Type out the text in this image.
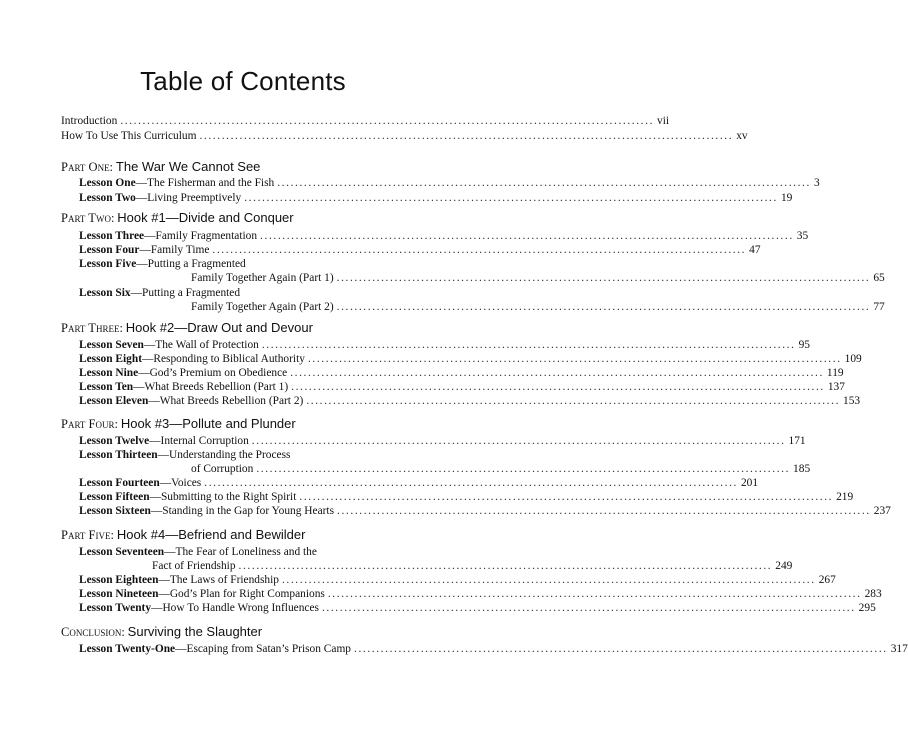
Table of Contents
Introduction ........................................................................................................................ vii
How To Use This Curriculum ........................................................................................................................ xv
Part One: The War We Cannot See
Lesson One —The Fisherman and the Fish ........................................................................................................................ 3
Lesson Two —Living Preemptively ........................................................................................................................ 19
Part Two: Hook #1—Divide and Conquer
Lesson Three —Family Fragmentation ........................................................................................................................ 35
Lesson Four —Family Time ........................................................................................................................ 47
Lesson Five —Putting a Fragmented
Family Together Again (Part 1) ........................................................................................................................ 65
Lesson Six —Putting a Fragmented
Family Together Again (Part 2) ........................................................................................................................ 77
Part Three: Hook #2—Draw Out and Devour
Lesson Seven —The Wall of Protection ........................................................................................................................ 95
Lesson Eight —Responding to Biblical Authority ........................................................................................................................ 109
Lesson Nine —God’s Premium on Obedience ........................................................................................................................ 119
Lesson Ten —What Breeds Rebellion (Part 1) ........................................................................................................................ 137
Lesson Eleven —What Breeds Rebellion (Part 2) ........................................................................................................................ 153
Part Four: Hook #3—Pollute and Plunder
Lesson Twelve —Internal Corruption ........................................................................................................................ 171
Lesson Thirteen —Understanding the Process
of Corruption ........................................................................................................................ 185
Lesson Fourteen —Voices ........................................................................................................................ 201
Lesson Fifteen —Submitting to the Right Spirit ........................................................................................................................ 219
Lesson Sixteen —Standing in the Gap for Young Hearts ........................................................................................................................ 237
Part Five: Hook #4—Befriend and Bewilder
Lesson Seventeen —The Fear of Loneliness and the
Fact of Friendship ........................................................................................................................ 249
Lesson Eighteen —The Laws of Friendship ........................................................................................................................ 267
Lesson Nineteen —God’s Plan for Right Companions ........................................................................................................................ 283
Lesson Twenty —How To Handle Wrong Influences ........................................................................................................................ 295
Conclusion: Surviving the Slaughter
Lesson Twenty-One —Escaping from Satan’s Prison Camp ........................................................................................................................ 317
